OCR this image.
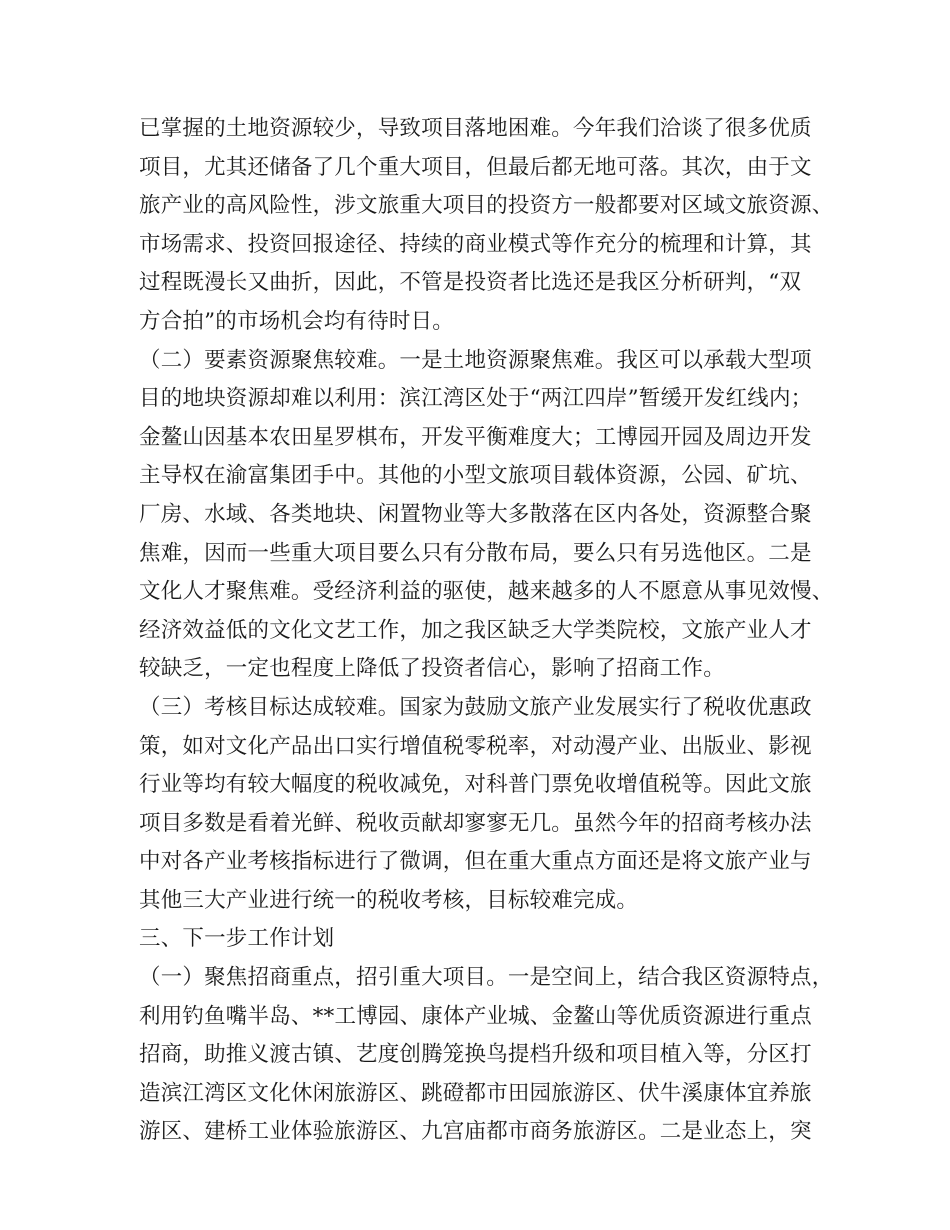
已掌握的土地资源较少，导致项目落地困难。今年我们洽谈了很多优质
项目，尤其还储备了几个重大项目，但最后都无地可落。其次，由于文
旅产业的高风险性，涉文旅重大项目的投资方一般都要对区域文旅资源、
市场需求、投资回报途径、持续的商业模式等作充分的梳理和计算，其
过程既漫长又曲折，因此，不管是投资者比选还是我区分析研判，“双
方合拍”的市场机会均有待时日。
（二）要素资源聚焦较难。一是土地资源聚焦难。我区可以承载大型项
目的地块资源却难以利用：滨江湾区处于“两江四岸”暂缓开发红线内；
金鳌山因基本农田星罗棋布，开发平衡难度大；工博园开园及周边开发
主导权在渝富集团手中。其他的小型文旅项目载体资源，公园、矿坑、
厂房、水域、各类地块、闲置物业等大多散落在区内各处，资源整合聚
焦难，因而一些重大项目要么只有分散布局，要么只有另选他区。二是
文化人才聚焦难。受经济利益的驱使，越来越多的人不愿意从事见效慢、
经济效益低的文化文艺工作，加之我区缺乏大学类院校，文旅产业人才
较缺乏，一定也程度上降低了投资者信心，影响了招商工作。
（三）考核目标达成较难。国家为鼓励文旅产业发展实行了税收优惠政
策，如对文化产品出口实行增值税零税率，对动漫产业、出版业、影视
行业等均有较大幅度的税收减免，对科普门票免收增值税等。因此文旅
项目多数是看着光鲜、税收贡献却寥寥无几。虽然今年的招商考核办法
中对各产业考核指标进行了微调，但在重大重点方面还是将文旅产业与
其他三大产业进行统一的税收考核，目标较难完成。
三、下一步工作计划
（一）聚焦招商重点，招引重大项目。一是空间上，结合我区资源特点，
利用钓鱼嘴半岛、**工博园、康体产业城、金鳌山等优质资源进行重点
招商，助推义渡古镇、艺度创腾笼换鸟提档升级和项目植入等，分区打
造滨江湾区文化休闲旅游区、跳磴都市田园旅游区、伏牛溪康体宜养旅
游区、建桥工业体验旅游区、九宫庙都市商务旅游区。二是业态上，突
